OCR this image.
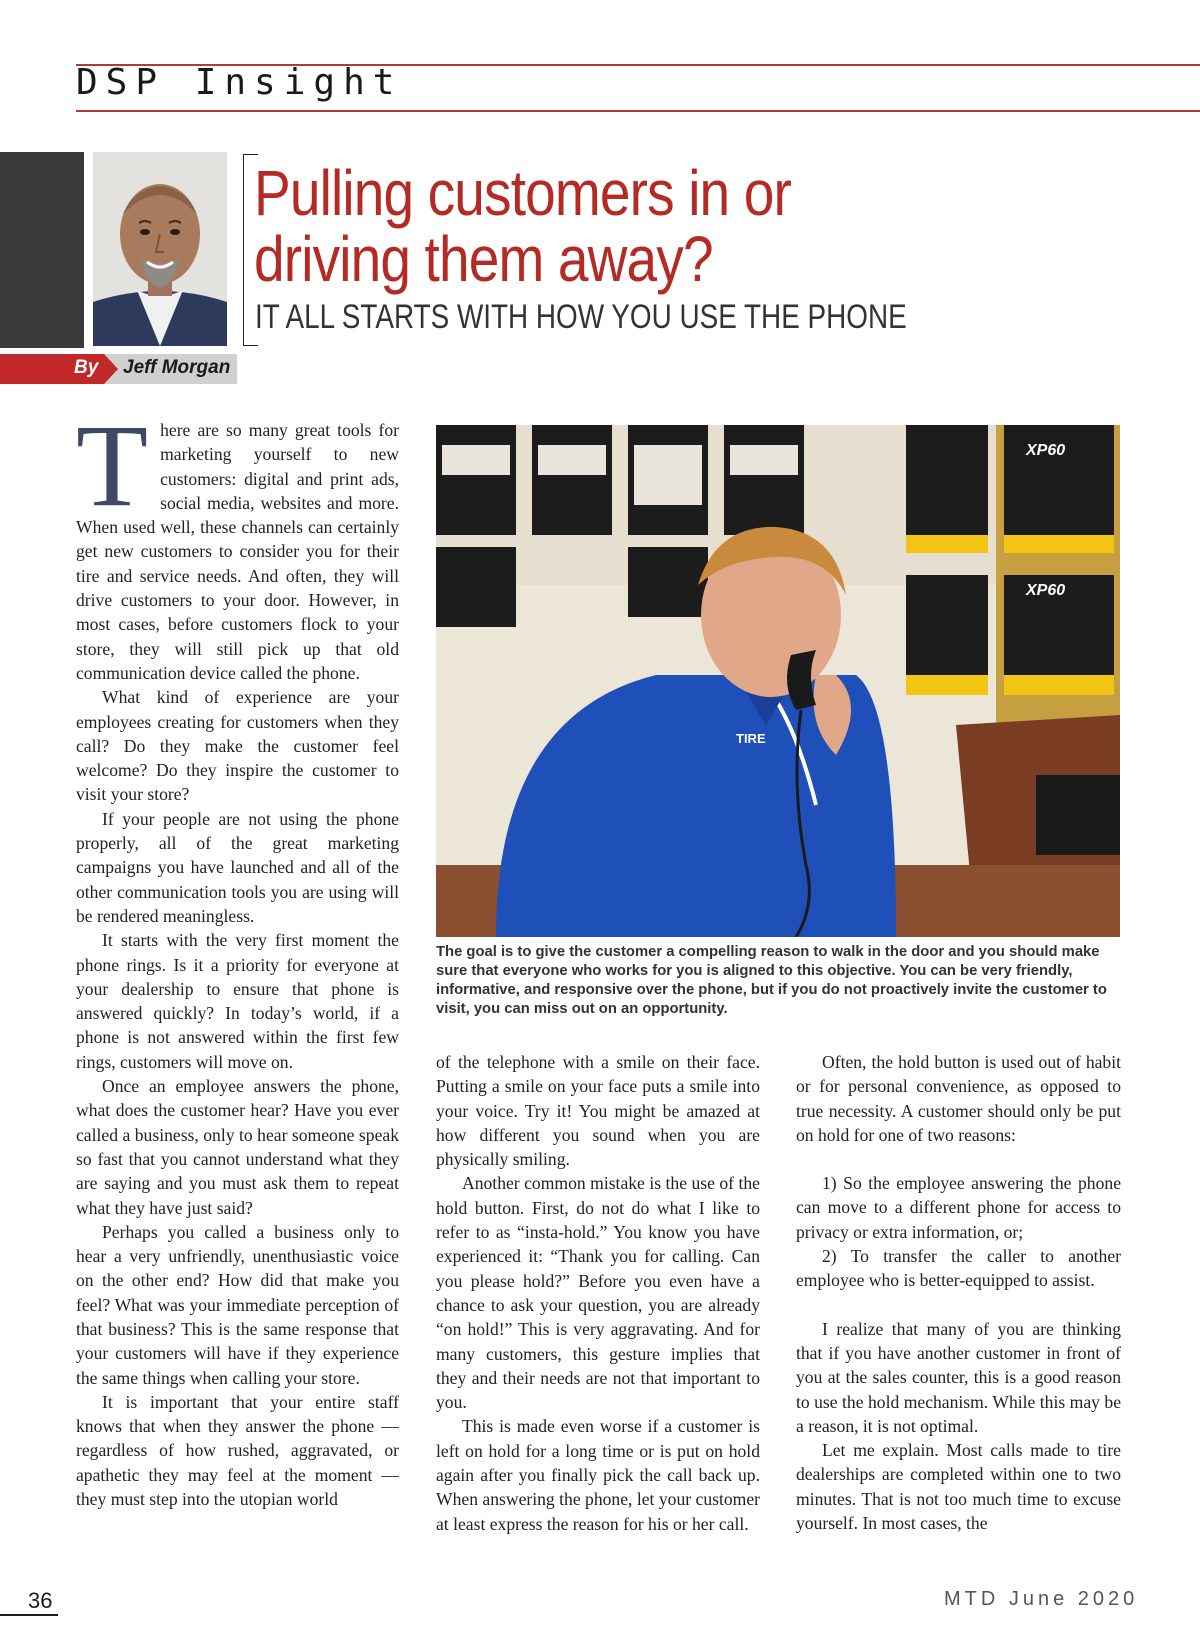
DSP Insight
Pulling customers in or driving them away?
IT ALL STARTS WITH HOW YOU USE THE PHONE
By Jeff Morgan

There are so many great tools for marketing yourself to new customers: digital and print ads, social media, websites and more. When used well, these channels can certainly get new customers to consider you for their tire and service needs. And often, they will drive customers to your door. However, in most cases, before customers flock to your store, they will still pick up that old communication device called the phone.

What kind of experience are your employees creating for customers when they call? Do they make the customer feel welcome? Do they inspire the customer to visit your store?

If your people are not using the phone properly, all of the great marketing campaigns you have launched and all of the other communication tools you are using will be rendered meaningless.

It starts with the very first moment the phone rings. Is it a priority for everyone at your dealership to ensure that phone is answered quickly? In today’s world, if a phone is not answered within the first few rings, customers will move on.

Once an employee answers the phone, what does the customer hear? Have you ever called a business, only to hear someone speak so fast that you cannot understand what they are saying and you must ask them to repeat what they have just said?

Perhaps you called a business only to hear a very unfriendly, unenthusiastic voice on the other end? How did that make you feel? What was your immediate perception of that business? This is the same response that your customers will have if they experience the same things when calling your store.

It is important that your entire staff knows that when they answer the phone — regardless of how rushed, aggravated, or apathetic they may feel at the moment — they must step into the utopian world

XP60
XP60
TIRE
The goal is to give the customer a compelling reason to walk in the door and you should make sure that everyone who works for you is aligned to this objective. You can be very friendly, informative, and responsive over the phone, but if you do not proactively invite the customer to visit, you can miss out on an opportunity.

of the telephone with a smile on their face. Putting a smile on your face puts a smile into your voice. Try it! You might be amazed at how different you sound when you are physically smiling.

Another common mistake is the use of the hold button. First, do not do what I like to refer to as “insta-hold.” You know you have experienced it: “Thank you for calling. Can you please hold?” Before you even have a chance to ask your question, you are already “on hold!” This is very aggravating. And for many customers, this gesture implies that they and their needs are not that important to you.

This is made even worse if a customer is left on hold for a long time or is put on hold again after you finally pick the call back up. When answering the phone, let your customer at least express the reason for his or her call.

Often, the hold button is used out of habit or for personal convenience, as opposed to true necessity. A customer should only be put on hold for one of two reasons:

1) So the employee answering the phone can move to a different phone for access to privacy or extra information, or;

2) To transfer the caller to another employee who is better-equipped to assist.

I realize that many of you are thinking that if you have another customer in front of you at the sales counter, this is a good reason to use the hold mechanism. While this may be a reason, it is not optimal.

Let me explain. Most calls made to tire dealerships are completed within one to two minutes. That is not too much time to excuse yourself. In most cases, the

36	MTD June 2020
